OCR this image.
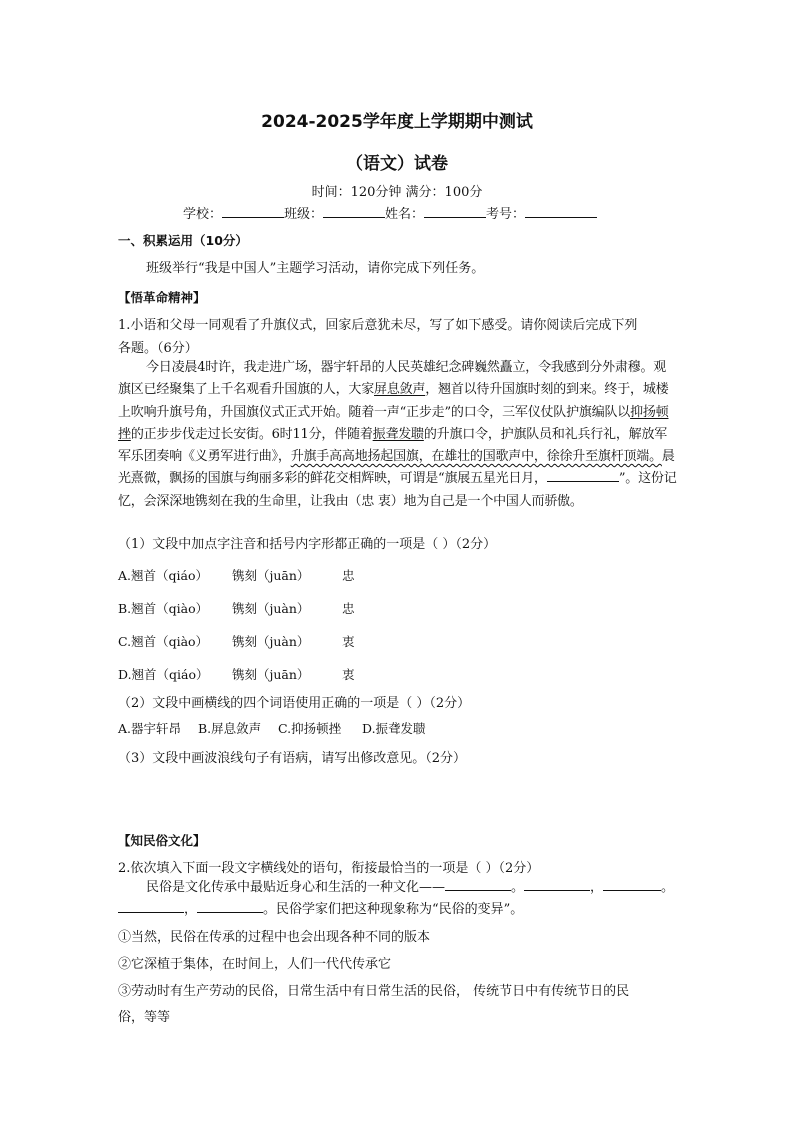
2024-2025学年度上学期期中测试
（语文）试卷
时间：120分钟 满分：100分
学校：	班级：	姓名：	考号：
一、积累运用（10分）
班级举行“我是中国人”主题学习活动，请你完成下列任务。
【悟革命精神】
1.小语和父母一同观看了升旗仪式，回家后意犹未尽，写了如下感受。请你阅读后完成下列
各题。（6分）
今日凌晨4时许，我走进广场，器宇轩昂的人民英雄纪念碑巍然矗立，令我感到分外肃穆。观旗区已经聚集了上千名观看升国旗的人，大家屏息敛声，翘首以待升国旗时刻的到来。终于，城楼上吹响升旗号角，升国旗仪式正式开始。随着一声“正步走”的口令，三军仪仗队护旗编队以抑扬顿挫的正步步伐走过长安街。6时11分，伴随着振聋发聩的升旗口令，护旗队员和礼兵行礼，解放军军乐团奏响《义勇军进行曲》，升旗手高高地扬起国旗，在雄壮的国歌声中，徐徐升至旗杆顶端。晨光熹微，飘扬的国旗与绚丽多彩的鲜花交相辉映，可谓是“旗展五星光日月，	”。这份记忆，会深深地镌刻在我的生命里，让我由（忠 衷）地为自己是一个中国人而骄傲。
（1）文段中加点字注音和括号内字形都正确的一项是（ ）（2分）
A.翘首（qiáo） 镌刻（juān）	忠
B.翘首（qiào） 镌刻（juàn）	忠
C.翘首（qiào） 镌刻（juàn）	衷
D.翘首（qiáo） 镌刻（juān）	衷
（2）文段中画横线的四个词语使用正确的一项是（ ）（2分）
A.器宇轩昂 B.屏息敛声 C.抑扬顿挫 D.振聋发聩
（3）文段中画波浪线句子有语病，请写出修改意见。（2分）
【知民俗文化】
2.依次填入下面一段文字横线处的语句，衔接最恰当的一项是（ ）（2分）
民俗是文化传承中最贴近身心和生活的一种文化——	。	，	。，	。民俗学家们把这种现象称为“民俗的变异”。
①当然，民俗在传承的过程中也会出现各种不同的版本
②它深植于集体，在时间上，人们一代代传承它
③劳动时有生产劳动的民俗，日常生活中有日常生活的民俗， 传统节日中有传统节日的民
俗，等等
